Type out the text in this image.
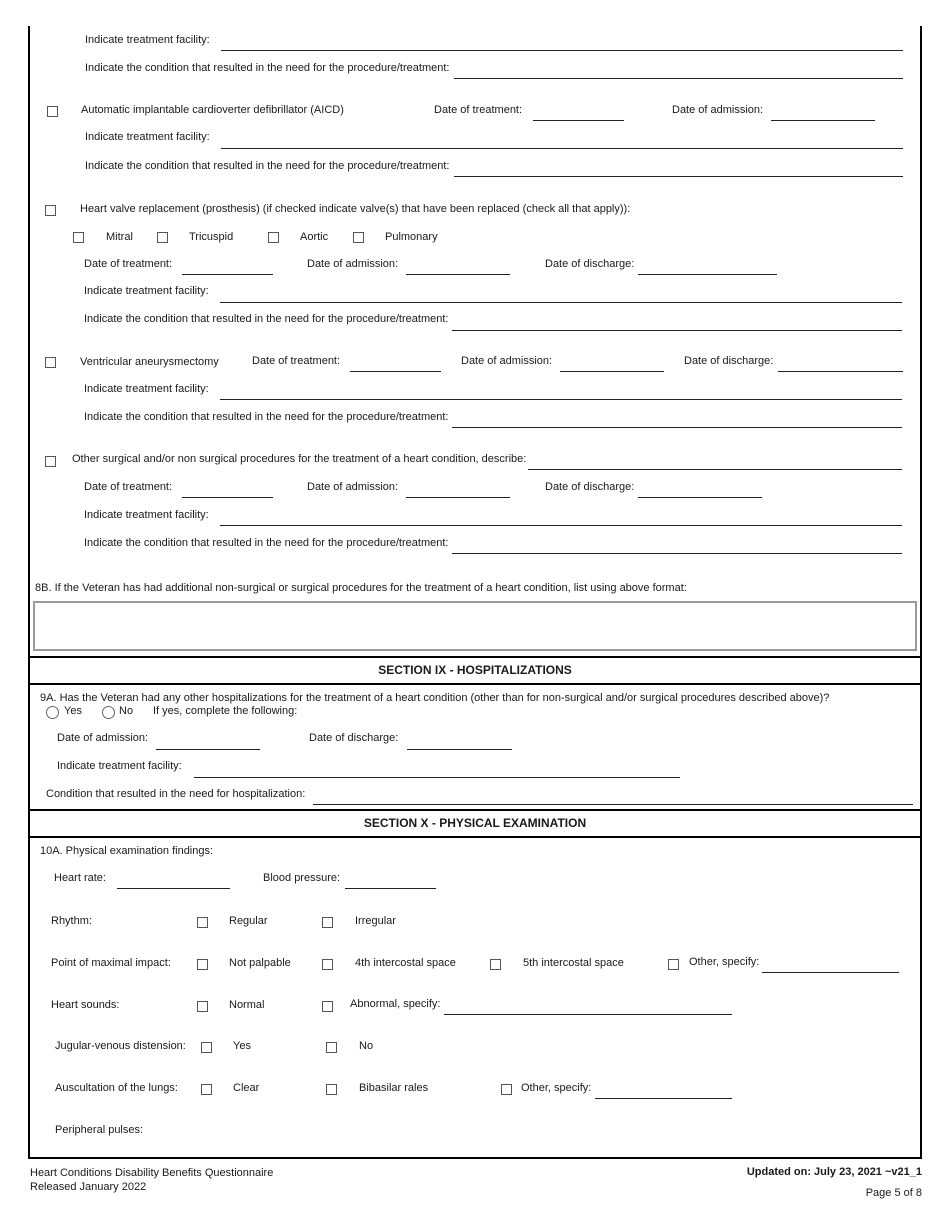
Indicate treatment facility:
Indicate the condition that resulted in the need for the procedure/treatment:
Automatic implantable cardioverter defibrillator (AICD)	Date of treatment:	Date of admission:
Indicate treatment facility:
Indicate the condition that resulted in the need for the procedure/treatment:
Heart valve replacement (prosthesis) (if checked indicate valve(s) that have been replaced (check all that apply)):
Mitral	Tricuspid	Aortic	Pulmonary
Date of treatment:	Date of admission:	Date of discharge:
Indicate treatment facility:
Indicate the condition that resulted in the need for the procedure/treatment:
Ventricular aneurysmectomy	Date of treatment:	Date of admission:	Date of discharge:
Indicate treatment facility:
Indicate the condition that resulted in the need for the procedure/treatment:
Other surgical and/or non surgical procedures for the treatment of a heart condition, describe:
Date of treatment:	Date of admission:	Date of discharge:
Indicate treatment facility:
Indicate the condition that resulted in the need for the procedure/treatment:
8B. If the Veteran has had additional non-surgical or surgical procedures for the treatment of a heart condition, list using above format:
SECTION IX - HOSPITALIZATIONS
9A. Has the Veteran had any other hospitalizations for the treatment of a heart condition (other than for non-surgical and/or surgical procedures described above)?
Yes	No If yes, complete the following:
Date of admission:	Date of discharge:
Indicate treatment facility:
Condition that resulted in the need for hospitalization:
SECTION X - PHYSICAL EXAMINATION
10A. Physical examination findings:
Heart rate:	Blood pressure:
Rhythm:	Regular	Irregular
Point of maximal impact:	Not palpable	4th intercostal space	5th intercostal space	Other, specify:
Heart sounds:	Normal	Abnormal, specify:
Jugular-venous distension:	Yes	No
Auscultation of the lungs:	Clear	Bibasilar rales	Other, specify:
Peripheral pulses:
Heart Conditions Disability Benefits Questionnaire
Released January 2022
Updated on: July 23, 2021 ~v21_1
Page 5 of 8
